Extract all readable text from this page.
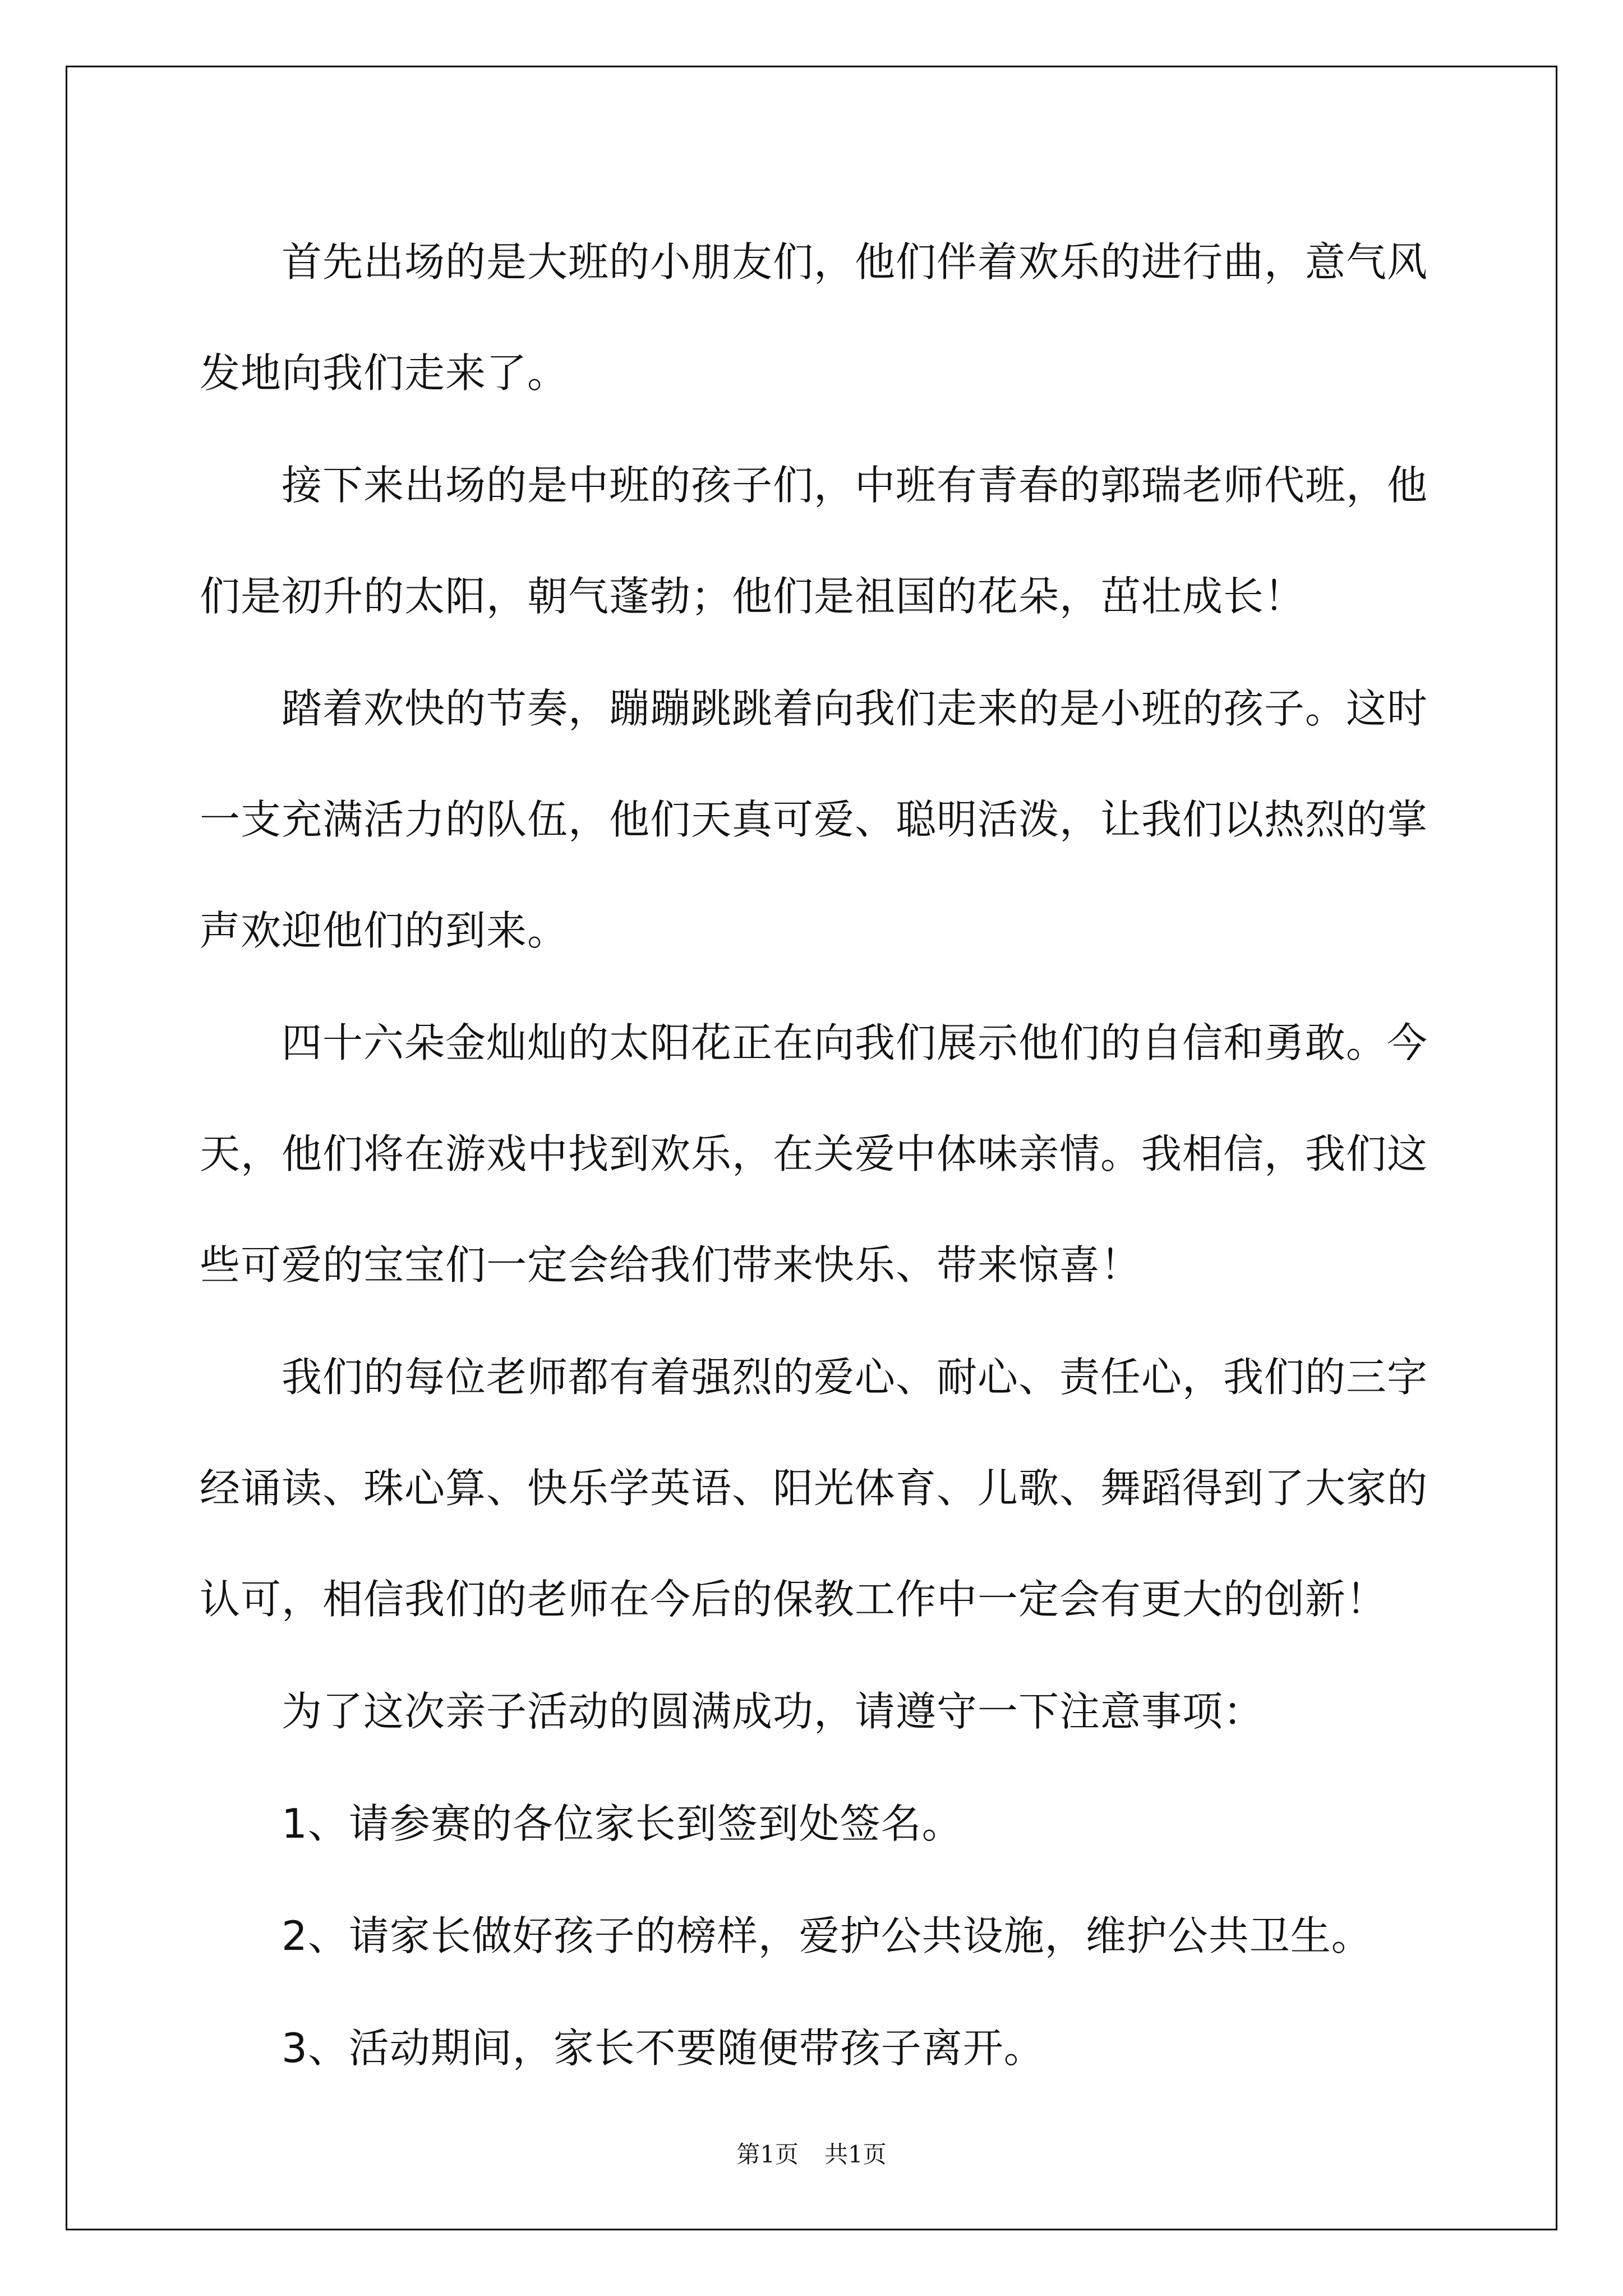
首先出场的是大班的小朋友们，他们伴着欢乐的进行曲，意气风发地向我们走来了。

接下来出场的是中班的孩子们，中班有青春的郭瑞老师代班，他们是初升的太阳，朝气蓬勃；他们是祖国的花朵，茁壮成长！

踏着欢快的节奏，蹦蹦跳跳着向我们走来的是小班的孩子。这时一支充满活力的队伍，他们天真可爱、聪明活泼，让我们以热烈的掌声欢迎他们的到来。

四十六朵金灿灿的太阳花正在向我们展示他们的自信和勇敢。今天，他们将在游戏中找到欢乐，在关爱中体味亲情。我相信，我们这些可爱的宝宝们一定会给我们带来快乐、带来惊喜！

我们的每位老师都有着强烈的爱心、耐心、责任心，我们的三字经诵读、珠心算、快乐学英语、阳光体育、儿歌、舞蹈得到了大家的认可，相信我们的老师在今后的保教工作中一定会有更大的创新！

为了这次亲子活动的圆满成功，请遵守一下注意事项：

1、请参赛的各位家长到签到处签名。

2、请家长做好孩子的榜样，爱护公共设施，维护公共卫生。

3、活动期间，家长不要随便带孩子离开。

第1页 共1页
